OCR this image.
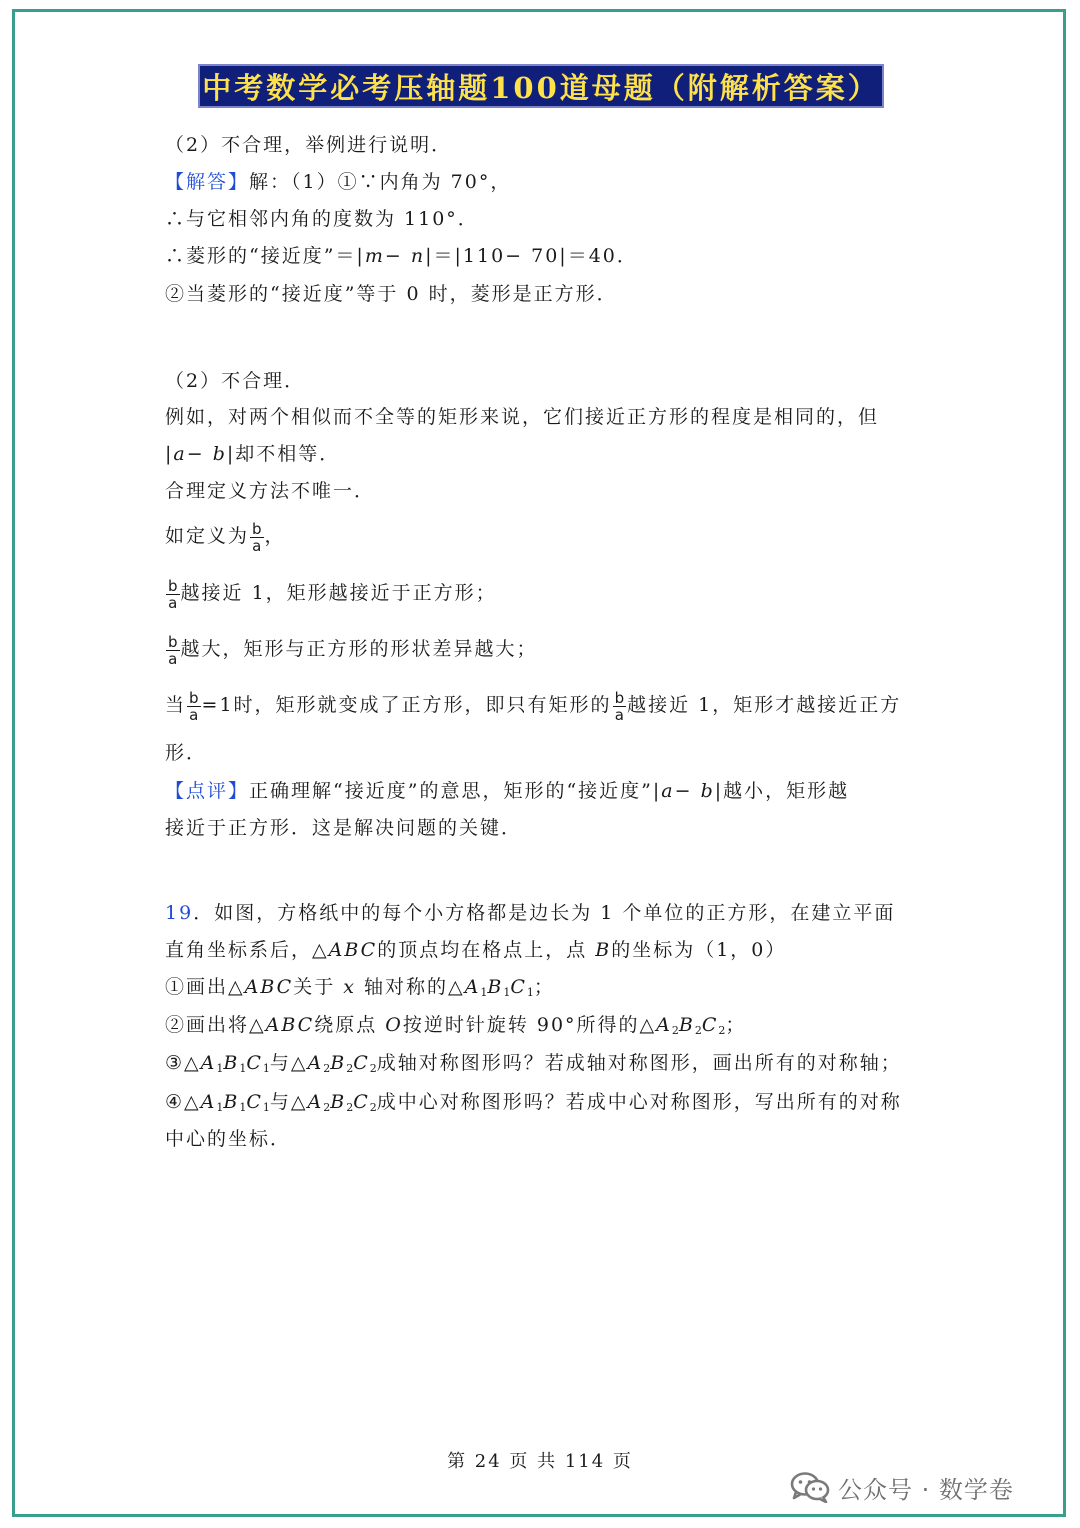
中考数学必考压轴题100道母题（附解析答案）
（2）不合理，举例进行说明．
【解答】解：（1）①∵内角为 70°，
∴与它相邻内角的度数为 110°．
∴菱形的“接近度”＝|m− n|＝|110− 70|＝40．
②当菱形的“接近度”等于 0 时，菱形是正方形．
（2）不合理．
例如，对两个相似而不全等的矩形来说，它们接近正方形的程度是相同的，但
|a− b|却不相等．
合理定义方法不唯一．
如定义为 $\frac{b}{a}$ ，
$\frac{b}{a}$ 越接近 1，矩形越接近于正方形；
$\frac{b}{a}$ 越大，矩形与正方形的形状差异越大；
当 $\frac{b}{a} =1$时，矩形就变成了正方形，即只有矩形的 $\frac{b}{a}$ 越接近 1，矩形才越接近正方
形．
【点评】正确理解“接近度”的意思，矩形的“接近度”|a− b|越小，矩形越
接近于正方形．这是解决问题的关键．
19．如图，方格纸中的每个小方格都是边长为 1 个单位的正方形，在建立平面
直角坐标系后，△ABC的顶点均在格点上，点 B的坐标为（1，0）
①画出△ABC关于 x 轴对称的$\triangle A_1B_1C_1$；
②画出将△ABC绕原点 O按逆时针旋转 90°所得的$\triangle A_2B_2C_2$；
$③\triangle A_1B_1C_1$与$\triangle A_2B_2C_2$成轴对称图形吗？若成轴对称图形，画出所有的对称轴；
$④\triangle A_1B_1C_1$与$\triangle A_2B_2C_2$成中心对称图形吗？若成中心对称图形，写出所有的对称
中心的坐标．
第 24 页 共 114 页
公众号 · 数学卷
